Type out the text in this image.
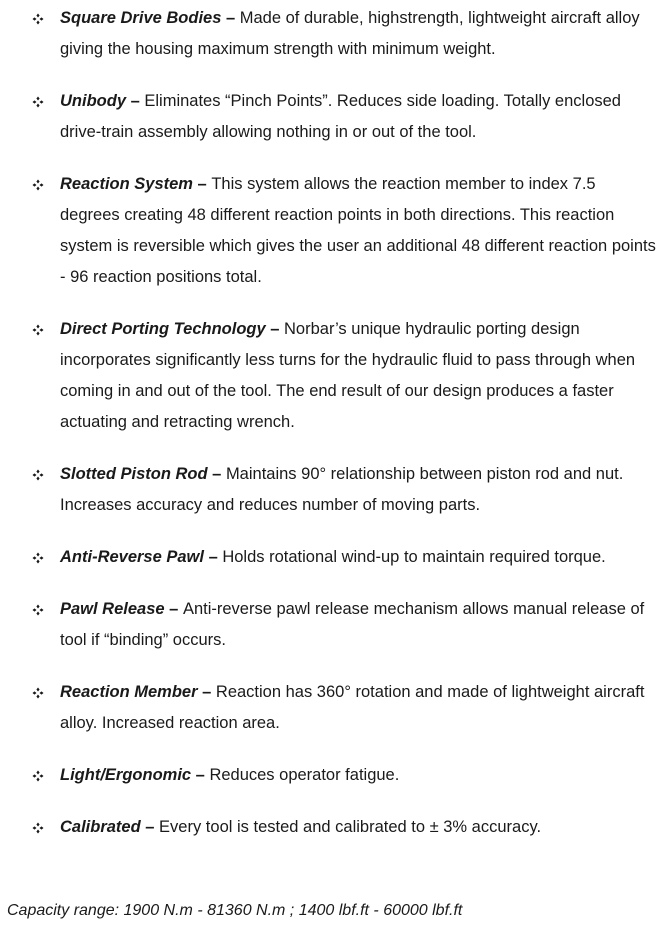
Square Drive Bodies – Made of durable, highstrength, lightweight aircraft alloy giving the housing maximum strength with minimum weight.
Unibody – Eliminates “Pinch Points”. Reduces side loading. Totally enclosed drive-train assembly allowing nothing in or out of the tool.
Reaction System – This system allows the reaction member to index 7.5 degrees creating 48 different reaction points in both directions. This reaction system is reversible which gives the user an additional 48 different reaction points - 96 reaction positions total.
Direct Porting Technology – Norbar’s unique hydraulic porting design incorporates significantly less turns for the hydraulic fluid to pass through when coming in and out of the tool. The end result of our design produces a faster actuating and retracting wrench.
Slotted Piston Rod – Maintains 90° relationship between piston rod and nut. Increases accuracy and reduces number of moving parts.
Anti-Reverse Pawl – Holds rotational wind-up to maintain required torque.
Pawl Release – Anti-reverse pawl release mechanism allows manual release of tool if “binding” occurs.
Reaction Member – Reaction has 360° rotation and made of lightweight aircraft alloy. Increased reaction area.
Light/Ergonomic – Reduces operator fatigue.
Calibrated – Every tool is tested and calibrated to ± 3% accuracy.
Capacity range: 1900 N.m - 81360 N.m ; 1400 lbf.ft - 60000 lbf.ft
